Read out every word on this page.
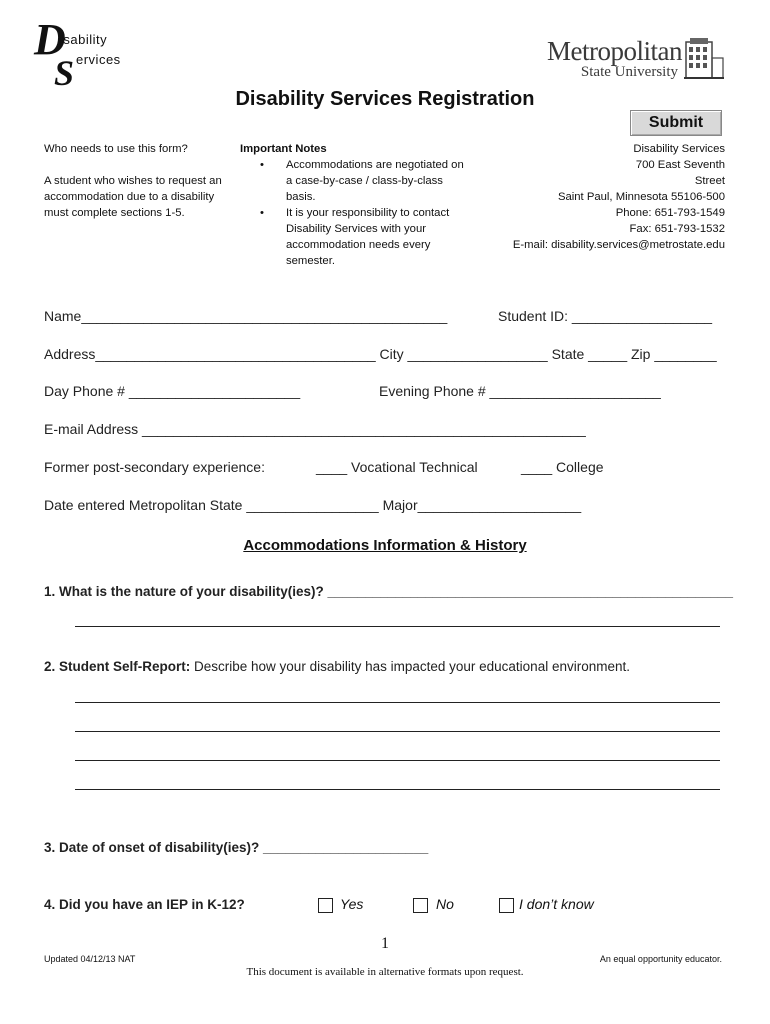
D
isability
S ervices	Metropolitan
State University
Disability Services Registration
Submit
Who needs to use this form?
A student who wishes to request an accommodation due to a disability must complete sections 1-5.
Important Notes
• Accommodations are negotiated on a case-by-case / class-by-class basis.
• It is your responsibility to contact Disability Services with your accommodation needs every semester.
Disability Services
700 East Seventh
Street
Saint Paul, Minnesota 55106-500
Phone: 651-793-1549
Fax: 651-793-1532
E-mail: disability.services@metrostate.edu
Name_______________________________________________	Student ID: __________________
Address____________________________________ City __________________ State _____ Zip ________
Day Phone # ______________________	Evening Phone # ______________________
E-mail Address _________________________________________________________
Former post-secondary experience:	____ Vocational Technical	____ College
Date entered Metropolitan State _________________ Major_____________________
Accommodations Information & History
1. What is the nature of your disability(ies)? ______________________________________________________
2. Student Self-Report: Describe how your disability has impacted your educational environment.
3. Date of onset of disability(ies)? ______________________
4. Did you have an IEP in K-12?	Yes	No	I don’t know
1
Updated 04/12/13 NAT	An equal opportunity educator.
This document is available in alternative formats upon request.
